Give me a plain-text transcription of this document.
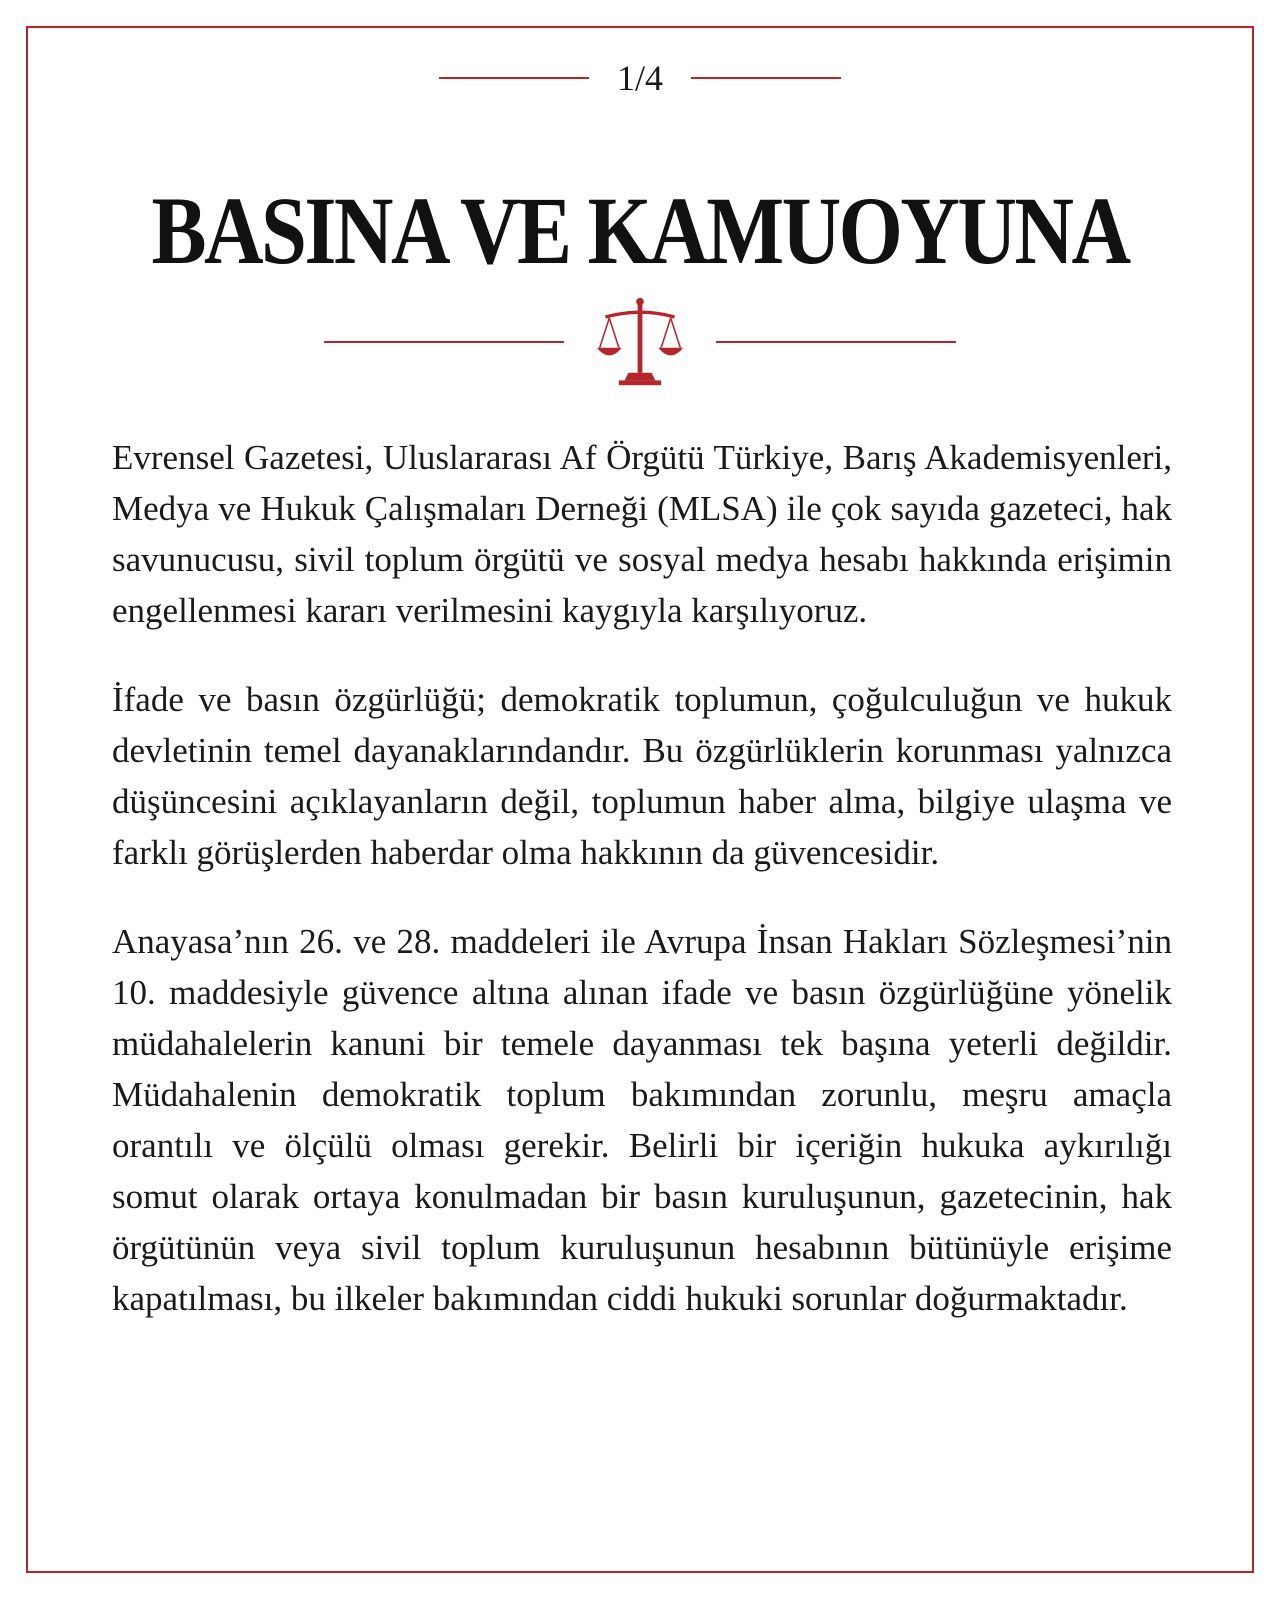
1/4
BASINA VE KAMUOYUNA

Evrensel Gazetesi, Uluslararası Af Örgütü Türkiye, Barış Akademisyenleri, Medya ve Hukuk Çalışmaları Derneği (MLSA) ile çok sayıda gazeteci, hak savunucusu, sivil toplum örgütü ve sosyal medya hesabı hakkında erişimin engellenmesi kararı verilmesini kaygıyla karşılıyoruz.

İfade ve basın özgürlüğü; demokratik toplumun, çoğulculuğun ve hukuk devletinin temel dayanaklarındandır. Bu özgürlüklerin korunması yalnızca düşüncesini açıklayanların değil, toplumun haber alma, bilgiye ulaşma ve farklı görüşlerden haberdar olma hakkının da güvencesidir.

Anayasa’nın 26. ve 28. maddeleri ile Avrupa İnsan Hakları Sözleşmesi’nin 10. maddesiyle güvence altına alınan ifade ve basın özgürlüğüne yönelik müdahalelerin kanuni bir temele dayanması tek başına yeterli değildir. Müdahalenin demokratik toplum bakımından zorunlu, meşru amaçla orantılı ve ölçülü olması gerekir. Belirli bir içeriğin hukuka aykırılığı somut olarak ortaya konulmadan bir basın kuruluşunun, gazetecinin, hak örgütünün veya sivil toplum kuruluşunun hesabının bütünüyle erişime kapatılması, bu ilkeler bakımından ciddi hukuki sorunlar doğurmaktadır.
